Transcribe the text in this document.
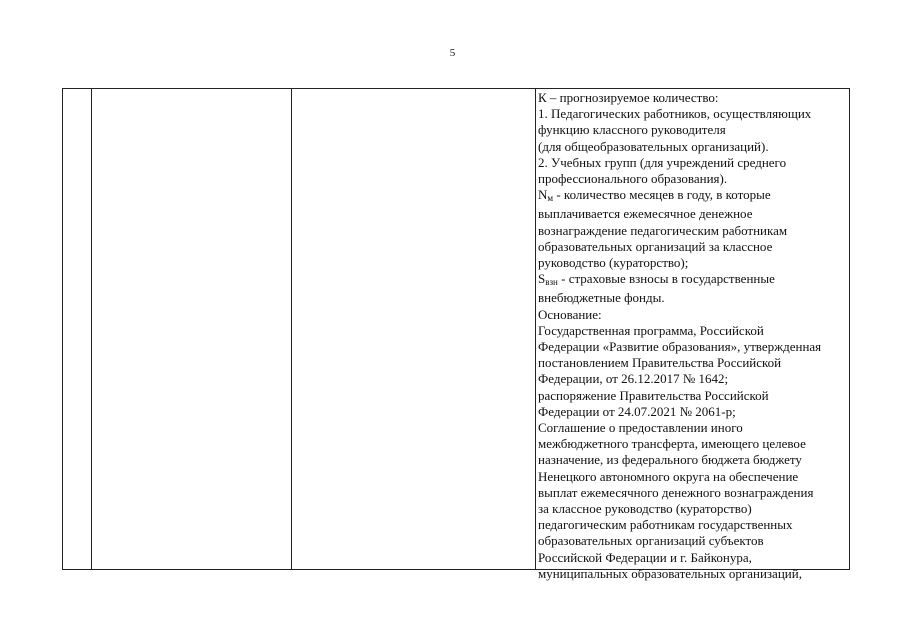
5
К – прогнозируемое количество:
1. Педагогических работников, осуществляющих
функцию классного руководителя
(для общеобразовательных организаций).
2. Учебных групп (для учреждений среднего
профессионального образования).
$N_м$ - количество месяцев в году, в которые
выплачивается ежемесячное денежное
вознаграждение педагогическим работникам
образовательных организаций за классное
руководство (кураторство);
$S_{взн}$ - страховые взносы в государственные
внебюджетные фонды.
Основание:
Государственная программа, Российской
Федерации «Развитие образования», утвержденная
постановлением Правительства Российской
Федерации, от 26.12.2017 № 1642;
распоряжение Правительства Российской
Федерации от 24.07.2021 № 2061-р;
Соглашение о предоставлении иного
межбюджетного трансферта, имеющего целевое
назначение, из федерального бюджета бюджету
Ненецкого автономного округа на обеспечение
выплат ежемесячного денежного вознаграждения
за классное руководство (кураторство)
педагогическим работникам государственных
образовательных организаций субъектов
Российской Федерации и г. Байконура,
муниципальных образовательных организаций,
